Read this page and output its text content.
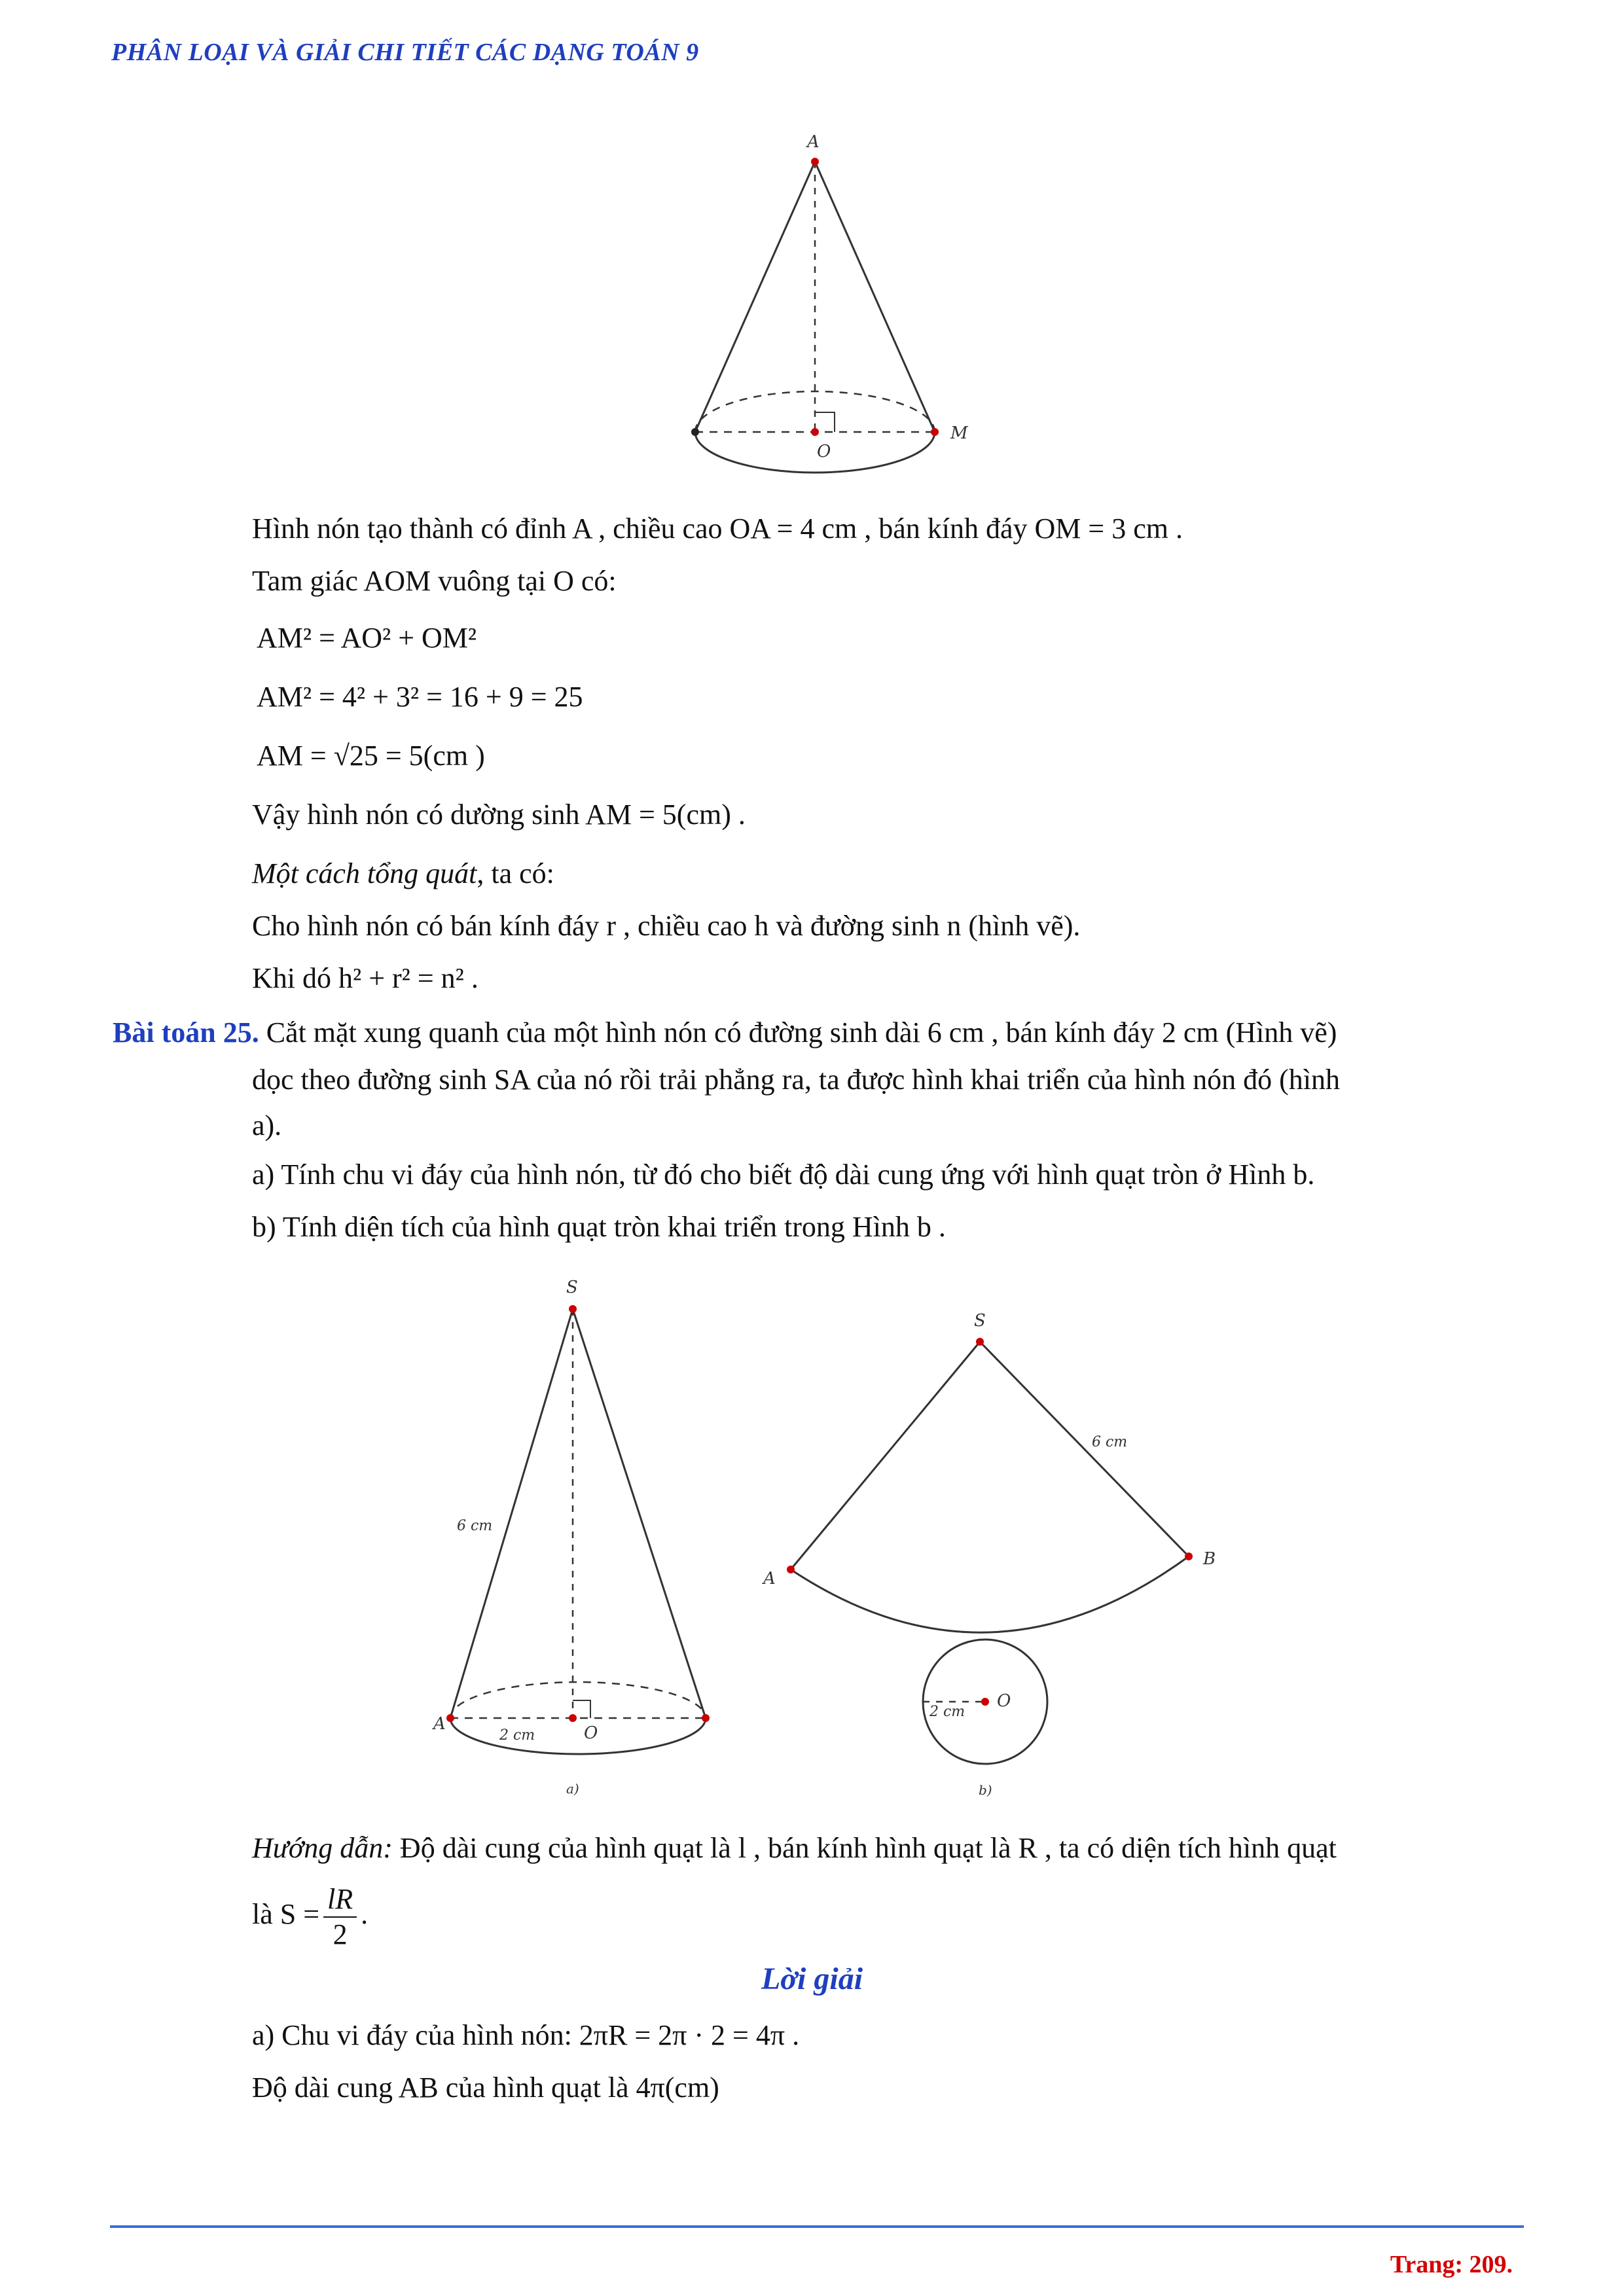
PHÂN LOẠI VÀ GIẢI CHI TIẾT CÁC DẠNG TOÁN 9
A
O
M
Hình nón tạo thành có đỉnh A , chiều cao OA = 4 cm , bán kính đáy OM = 3 cm .
Tam giác AOM vuông tại O có:
AM² = AO² + OM²
AM² = 4² + 3² = 16 + 9 = 25
AM = √25 = 5(cm )
Vậy hình nón có dường sinh AM = 5(cm) .
Một cách tổng quát, ta có:
Cho hình nón có bán kính đáy r , chiều cao h và đường sinh n (hình vẽ).
Khi dó h² + r² = n² .
Bài toán 25. Cắt mặt xung quanh của một hình nón có đường sinh dài 6 cm , bán kính đáy 2 cm (Hình vẽ)
dọc theo đường sinh SA của nó rồi trải phẳng ra, ta được hình khai triển của hình nón đó (hình
a).
a) Tính chu vi đáy của hình nón, từ đó cho biết độ dài cung ứng với hình quạt tròn ở Hình b.
b) Tính diện tích của hình quạt tròn khai triển trong Hình b .
S
A	O
6 cm
2 cm
a)
S
A
B
O
6 cm
2 cm
b)
Hướng dẫn: Độ dài cung của hình quạt là l , bán kính hình quạt là R , ta có diện tích hình quạt
là $S = \frac{lR}{2}$ .
Lời giải
a) Chu vi đáy của hình nón: 2πR = 2π · 2 = 4π .
Độ dài cung AB của hình quạt là 4π(cm)
Trang: 209.
